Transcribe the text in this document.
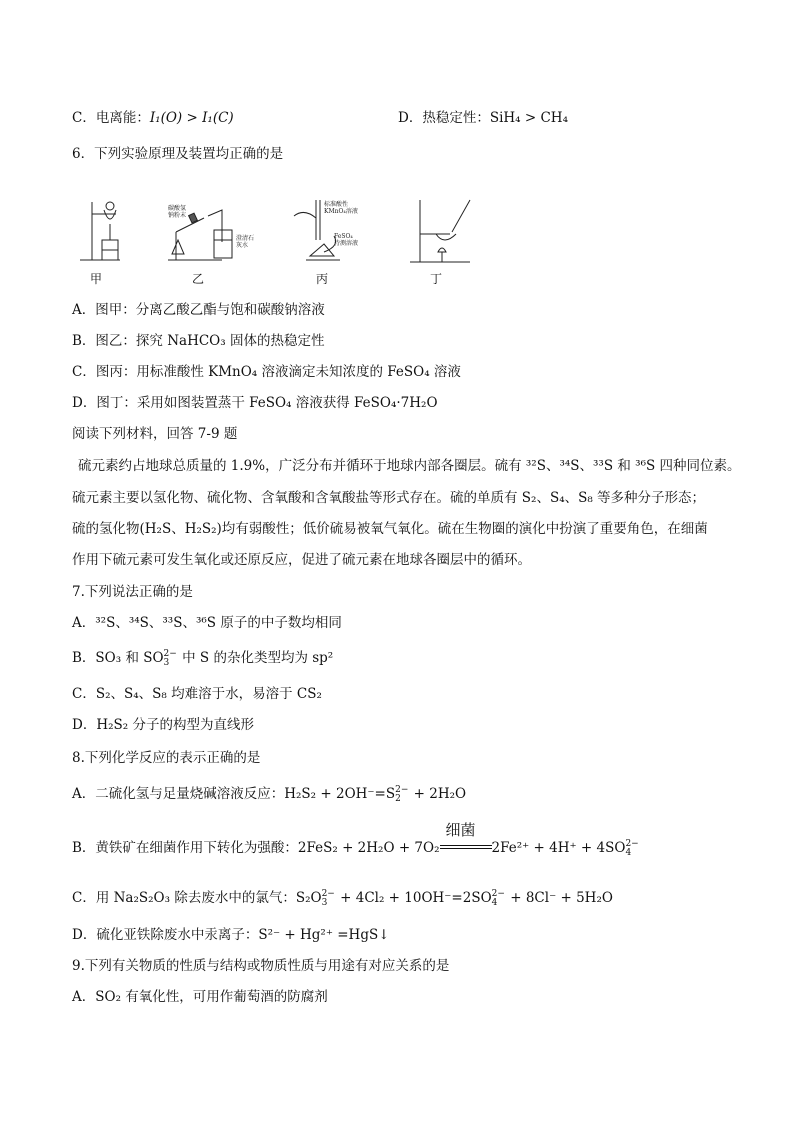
C．电离能：I₁(O) > I₁(C)	D．热稳定性：SiH₄ > CH₄
6．下列实验原理及装置均正确的是
碳酸氢
钠粉末
澄清石
灰水
标准酸性
KMnO₄溶液
FeSO₄
待测溶液
甲	乙	丙	丁
A．图甲：分离乙酸乙酯与饱和碳酸钠溶液
B．图乙：探究 NaHCO₃ 固体的热稳定性
C．图丙：用标准酸性 KMnO₄ 溶液滴定未知浓度的 FeSO₄ 溶液
D．图丁：采用如图装置蒸干 FeSO₄ 溶液获得 FeSO₄·7H₂O
阅读下列材料，回答 7-9 题
硫元素约占地球总质量的 1.9%，广泛分布并循环于地球内部各圈层。硫有 ³²S、³⁴S、³³S 和 ³⁶S 四种同位素。
硫元素主要以氢化物、硫化物、含氧酸和含氧酸盐等形式存在。硫的单质有 S₂、S₄、S₈ 等多种分子形态；
硫的氢化物(H₂S、H₂S₂)均有弱酸性；低价硫易被氧气氧化。硫在生物圈的演化中扮演了重要角色，在细菌
作用下硫元素可发生氧化或还原反应，促进了硫元素在地球各圈层中的循环。
7.下列说法正确的是
A．³²S、³⁴S、³³S、³⁶S 原子的中子数均相同
B．SO₃ 和 SO 2−
3 中 S 的杂化类型均为 sp²
C．S₂、S₄、S₈ 均难溶于水，易溶于 CS₂
D．H₂S₂ 分子的构型为直线形
8.下列化学反应的表示正确的是
A．二硫化氢与足量烧碱溶液反应：H₂S₂ + 2OH⁻=S 2−
2 + 2H₂O
B．黄铁矿在细菌作用下转化为强酸：2FeS₂ + 2H₂O + 7O₂
细菌
2Fe²⁺ + 4H⁺ + 4SO 2−
4
C．用 Na₂S₂O₃ 除去废水中的氯气：S₂O 2−
3 + 4Cl₂ + 10OH⁻=2SO 2−
4 + 8Cl⁻ + 5H₂O
D．硫化亚铁除废水中汞离子：S²⁻ + Hg²⁺ =HgS↓
9.下列有关物质的性质与结构或物质性质与用途有对应关系的是
A．SO₂ 有氧化性，可用作葡萄酒的防腐剂
